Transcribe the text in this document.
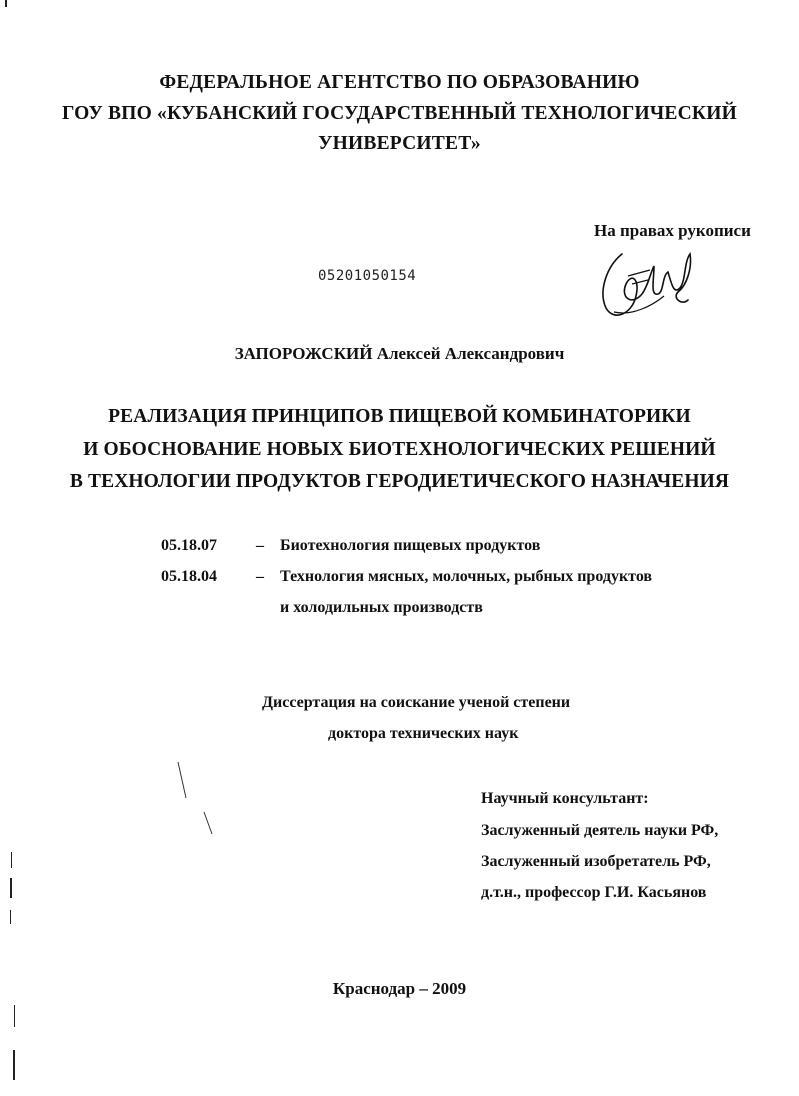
ФЕДЕРАЛЬНОЕ АГЕНТСТВО ПО ОБРАЗОВАНИЮ
ГОУ ВПО «КУБАНСКИЙ ГОСУДАРСТВЕННЫЙ ТЕХНОЛОГИЧЕСКИЙ
УНИВЕРСИТЕТ»
На правах рукописи
05201050154
ЗАПОРОЖСКИЙ Алексей Александрович
РЕАЛИЗАЦИЯ ПРИНЦИПОВ ПИЩЕВОЙ КОМБИНАТОРИКИ
И ОБОСНОВАНИЕ НОВЫХ БИОТЕХНОЛОГИЧЕСКИХ РЕШЕНИЙ
В ТЕХНОЛОГИИ ПРОДУКТОВ ГЕРОДИЕТИЧЕСКОГО НАЗНАЧЕНИЯ
05.18.07 – Биотехнология пищевых продуктов
05.18.04 – Технология мясных, молочных, рыбных продуктов
и холодильных производств
Диссертация на соискание ученой степени
доктора технических наук
Научный консультант:
Заслуженный деятель науки РФ,
Заслуженный изобретатель РФ,
д.т.н., профессор Г.И. Касьянов
Краснодар – 2009
